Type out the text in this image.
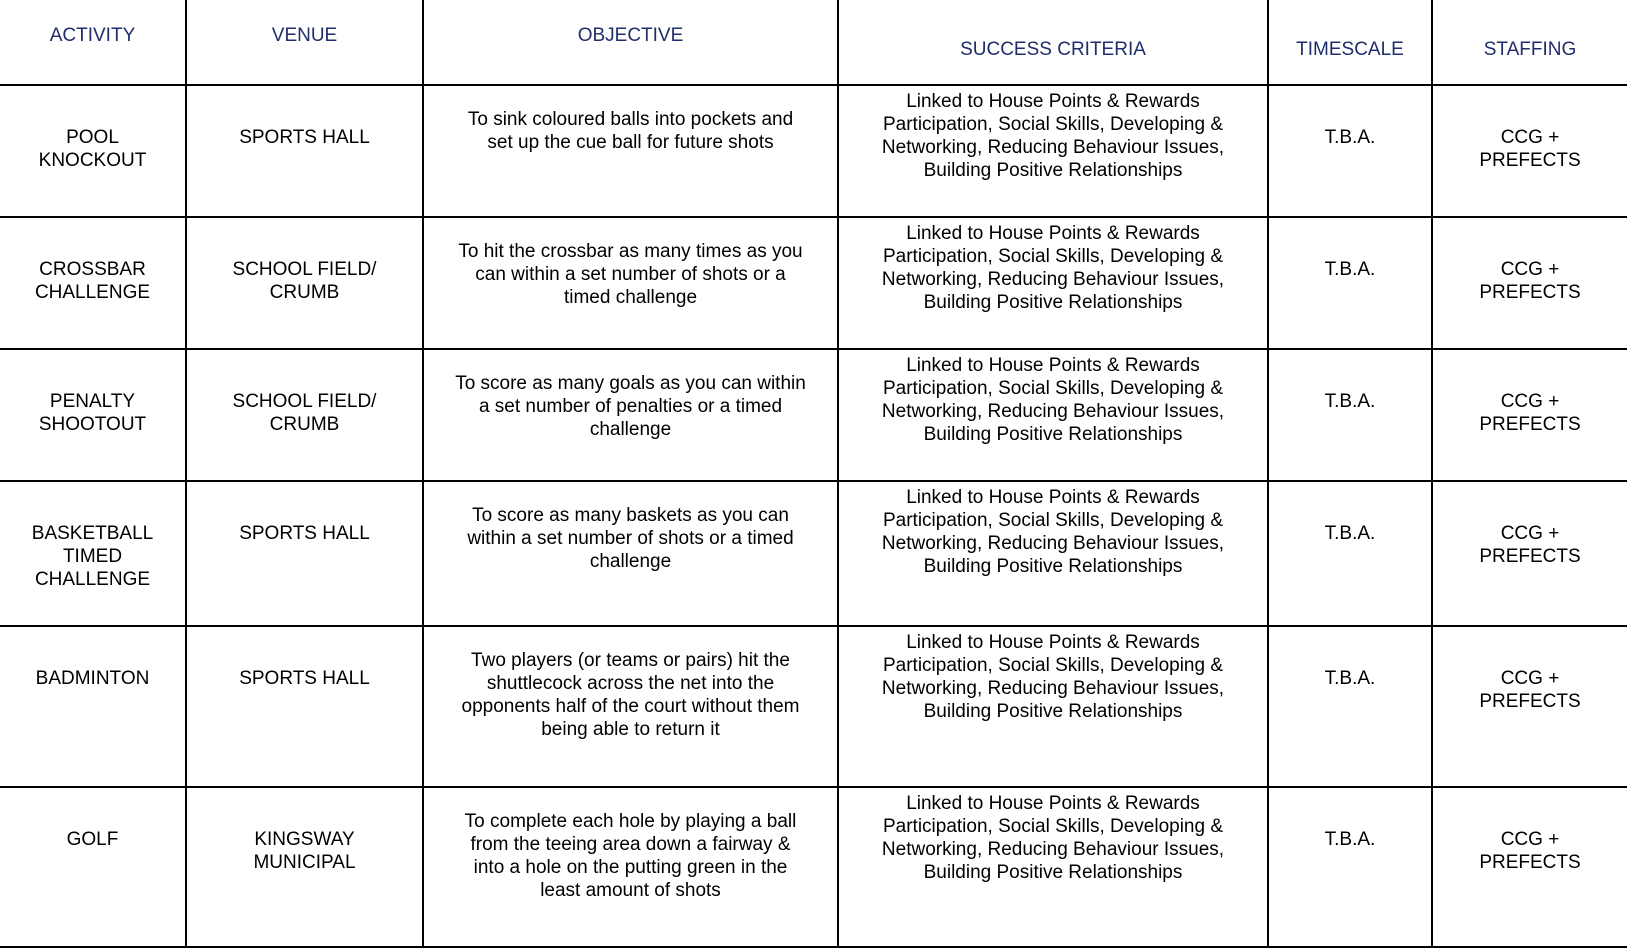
ACTIVITY	VENUE	OBJECTIVE	SUCCESS CRITERIA	TIMESCALE	STAFFING
POOL
KNOCKOUT	SPORTS HALL	To sink coloured balls into pockets and
set up the cue ball for future shots	Linked to House Points & Rewards
Participation, Social Skills, Developing &
Networking, Reducing Behaviour Issues,
Building Positive Relationships	T.B.A.	CCG +
PREFECTS
CROSSBAR
CHALLENGE	SCHOOL FIELD/
CRUMB	To hit the crossbar as many times as you
can within a set number of shots or a
timed challenge	Linked to House Points & Rewards
Participation, Social Skills, Developing &
Networking, Reducing Behaviour Issues,
Building Positive Relationships	T.B.A.	CCG +
PREFECTS
PENALTY
SHOOTOUT	SCHOOL FIELD/
CRUMB	To score as many goals as you can within
a set number of penalties or a timed
challenge	Linked to House Points & Rewards
Participation, Social Skills, Developing &
Networking, Reducing Behaviour Issues,
Building Positive Relationships	T.B.A.	CCG +
PREFECTS
BASKETBALL
TIMED
CHALLENGE	SPORTS HALL	To score as many baskets as you can
within a set number of shots or a timed
challenge	Linked to House Points & Rewards
Participation, Social Skills, Developing &
Networking, Reducing Behaviour Issues,
Building Positive Relationships	T.B.A.	CCG +
PREFECTS
BADMINTON	SPORTS HALL	Two players (or teams or pairs) hit the
shuttlecock across the net into the
opponents half of the court without them
being able to return it	Linked to House Points & Rewards
Participation, Social Skills, Developing &
Networking, Reducing Behaviour Issues,
Building Positive Relationships	T.B.A.	CCG +
PREFECTS
GOLF	KINGSWAY
MUNICIPAL	To complete each hole by playing a ball
from the teeing area down a fairway &
into a hole on the putting green in the
least amount of shots	Linked to House Points & Rewards
Participation, Social Skills, Developing &
Networking, Reducing Behaviour Issues,
Building Positive Relationships	T.B.A.	CCG +
PREFECTS
